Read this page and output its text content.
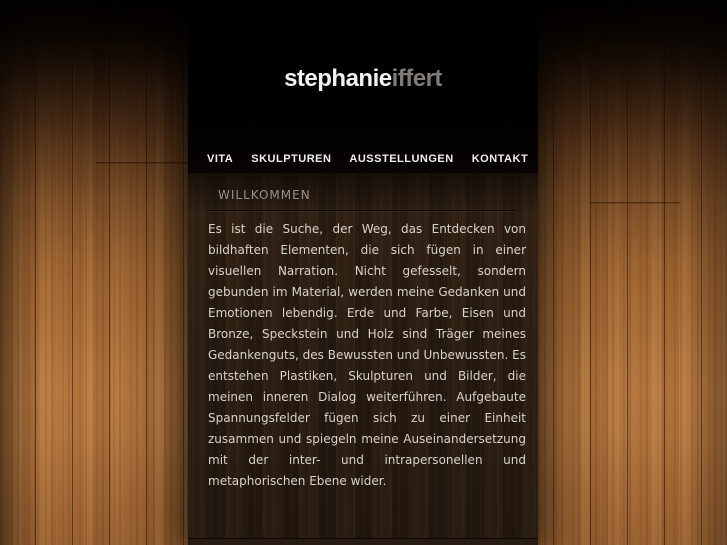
stephanieiffert
VITA SKULPTUREN AUSSTELLUNGEN KONTAKT
WILLKOMMEN

Es ist die Suche, der Weg, das Entdecken von bildhaften Elementen, die sich fügen in einer visuellen Narration. Nicht gefesselt, sondern gebunden im Material, werden meine Gedanken und Emotionen lebendig. Erde und Farbe, Eisen und Bronze, Speckstein und Holz sind Träger meines Gedankenguts, des Bewussten und Unbewussten. Es entstehen Plastiken, Skulpturen und Bilder, die meinen inneren Dialog weiterführen. Aufgebaute Spannungsfelder fügen sich zu einer Einheit zusammen und spiegeln meine Auseinandersetzung mit der inter- und intrapersonellen und metaphorischen Ebene wider.
